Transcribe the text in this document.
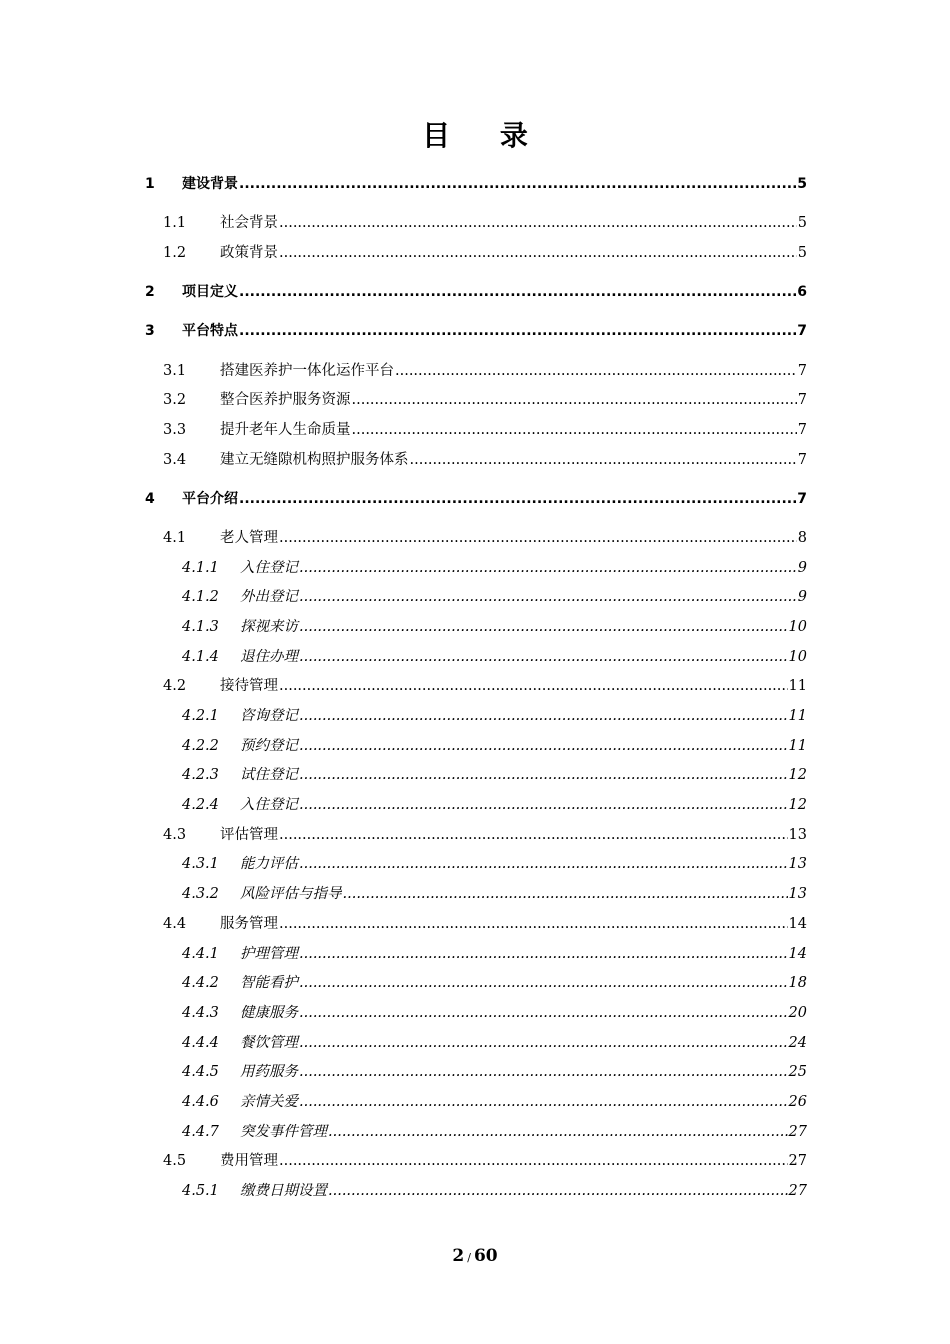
目 录
1	建设背景 .....	5
1.1	社会背景 .....	5
1.2	政策背景 .....	5
2	项目定义 .....	6
3	平台特点 .....	7
3.1	搭建医养护一体化运作平台 .....	7
3.2	整合医养护服务资源 .....	7
3.3	提升老年人生命质量 .....	7
3.4	建立无缝隙机构照护服务体系 .....	7
4	平台介绍 .....	7
4.1	老人管理 .....	8
4.1.1	入住登记 .....	9
4.1.2	外出登记 .....	9
4.1.3	探视来访 .....	10
4.1.4	退住办理 .....	10
4.2	接待管理 .....	11
4.2.1	咨询登记 .....	11
4.2.2	预约登记 .....	11
4.2.3	试住登记 .....	12
4.2.4	入住登记 .....	12
4.3	评估管理 .....	13
4.3.1	能力评估 .....	13
4.3.2	风险评估与指导 .....	13
4.4	服务管理 .....	14
4.4.1	护理管理 .....	14
4.4.2	智能看护 .....	18
4.4.3	健康服务 .....	20
4.4.4	餐饮管理 .....	24
4.4.5	用药服务 .....	25
4.4.6	亲情关爱 .....	26
4.4.7	突发事件管理 .....	27
4.5	费用管理 .....	27
4.5.1	缴费日期设置 .....	27
2 / 60
